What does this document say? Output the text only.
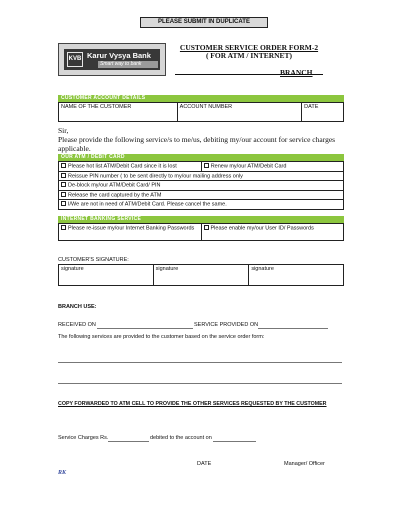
PLEASE SUBMIT IN DUPLICATE
KVB Karur Vysya Bank
Smart way to bank
CUSTOMER SERVICE ORDER FORM-2
( FOR ATM / INTERNET)
BRANCH
CUSTOMER ACCOUNT DETAILS
NAME OF THE CUSTOMER	ACCOUNT NUMBER	DATE
Sir,
Please provide the following service/s to me/us, debiting my/our account for service charges applicable.
OUR ATM / DEBIT CARD
Please hot list ATM/Debit Card since it is lost	Renew my/our ATM/Debit Card
Reissue PIN number ( to be sent directly to my/our mailing address only
De-block my/our ATM/Debit Card/ PIN
Release the card captured by the ATM
I/We are not in need of ATM/Debit Card. Please cancel the same.
INTERNET BANKING SERVICE
Please re-issue my/our Internet Banking Passwords	Please enable my/our User ID/ Passwords
CUSTOMER'S SIGNATURE:
signature	signature	signature
BRANCH USE:
RECEIVED ON	SERVICE PROVIDED ON
The following services are provided to the customer based on the service order form:
COPY FORWARDED TO ATM CELL TO PROVIDE THE OTHER SERVICES REQUESTED BY THE CUSTOMER
Service Charges Rs.	debited to the account on
DATE	Manager/ Officer
RK
